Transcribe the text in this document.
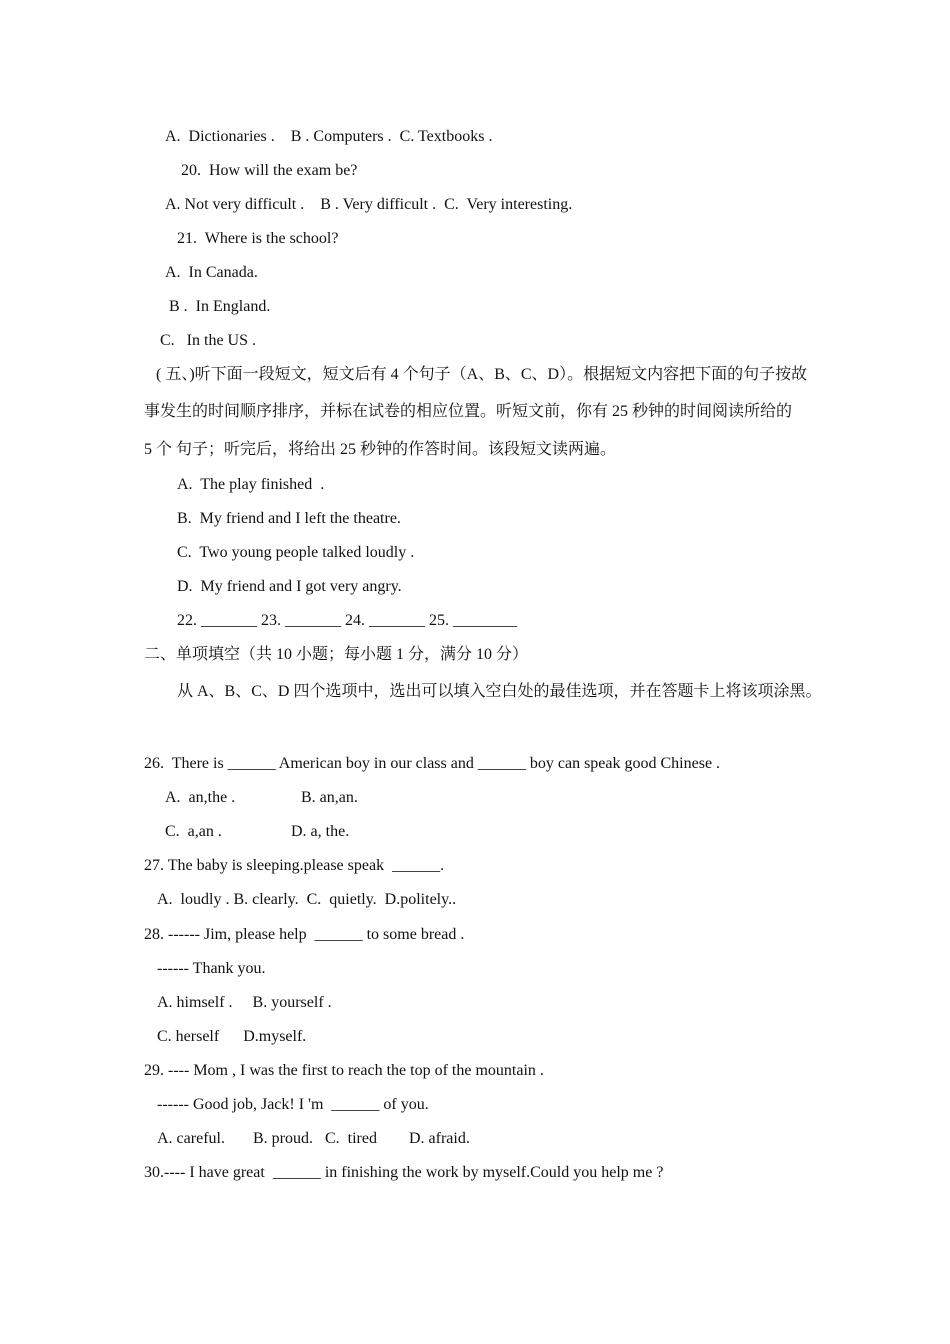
A.  Dictionaries .    B . Computers .  C. Textbooks .
20.  How will the exam be?
A. Not very difficult .    B . Very difficult .  C.  Very interesting.
21.  Where is the school?
A.  In Canada.
B .  In England.
C.   In the US .
( 五、)听下面一段短文，短文后有 4 个句子（A、B、C、D）。根据短文内容把下面的句子按故
事发生的时间顺序排序，并标在试卷的相应位置。听短文前，你有 25 秒钟的时间阅读所给的
5 个 句子；听完后，将给出 25 秒钟的作答时间。该段短文读两遍。
A.  The play finished  .
B.  My friend and I left the theatre.
C.  Two young people talked loudly .
D.  My friend and I got very angry.
22. _______ 23. _______ 24. _______ 25. ________
二、单项填空（共 10 小题；每小题 1 分，满分 10 分）
从 A、B、C、D 四个选项中，选出可以填入空白处的最佳选项，并在答题卡上将该项涂黑。
26.  There is ______ American boy in our class and ______ boy can speak good Chinese .
A.  an,the .	B. an,an.
C.  a,an .	D. a, the.
27. The baby is sleeping.please speak  ______.
A.  loudly . B. clearly.  C.  quietly.  D.politely..
28. ------ Jim, please help  ______ to some bread .
------ Thank you.
A. himself .     B. yourself .
C. herself      D.myself.
29. ---- Mom , I was the first to reach the top of the mountain .
------ Good job, Jack! I 'm  ______ of you.
A. careful.       B. proud.   C.  tired        D. afraid.
30.---- I have great  ______ in finishing the work by myself.Could you help me ?
